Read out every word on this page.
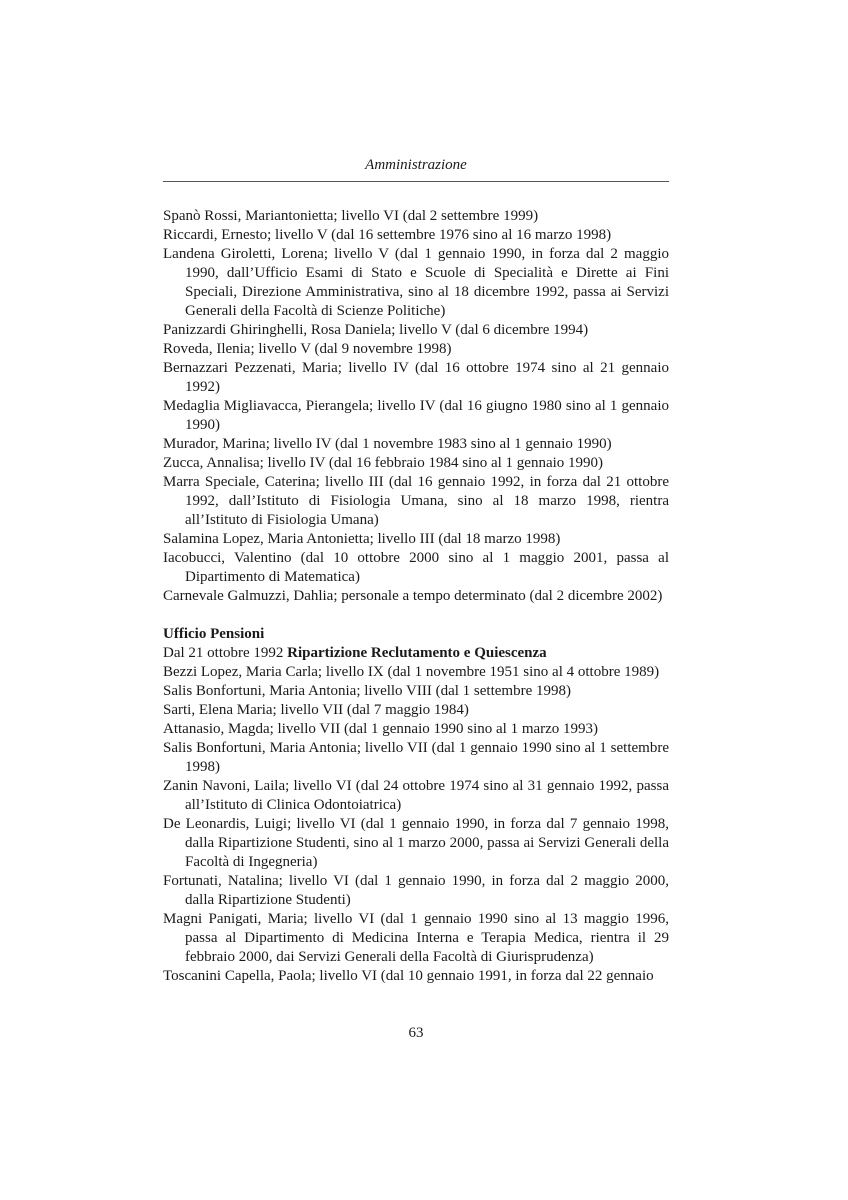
Amministrazione

Spanò Rossi, Mariantonietta; livello VI (dal 2 settembre 1999)

Riccardi, Ernesto; livello V (dal 16 settembre 1976 sino al 16 marzo 1998)

Landena Giroletti, Lorena; livello V (dal 1 gennaio 1990, in forza dal 2 maggio 1990, dall’Ufficio Esami di Stato e Scuole di Specialità e Dirette ai Fini Speciali, Direzione Amministrativa, sino al 18 dicembre 1992, passa ai Servizi Generali della Facoltà di Scienze Politiche)

Panizzardi Ghiringhelli, Rosa Daniela; livello V (dal 6 dicembre 1994)

Roveda, Ilenia; livello V (dal 9 novembre 1998)

Bernazzari Pezzenati, Maria; livello IV (dal 16 ottobre 1974 sino al 21 gennaio 1992)

Medaglia Migliavacca, Pierangela; livello IV (dal 16 giugno 1980 sino al 1 gennaio 1990)

Murador, Marina; livello IV (dal 1 novembre 1983 sino al 1 gennaio 1990)

Zucca, Annalisa; livello IV (dal 16 febbraio 1984 sino al 1 gennaio 1990)

Marra Speciale, Caterina; livello III (dal 16 gennaio 1992, in forza dal 21 ottobre 1992, dall’Istituto di Fisiologia Umana, sino al 18 marzo 1998, rientra all’Istituto di Fisiologia Umana)

Salamina Lopez, Maria Antonietta; livello III (dal 18 marzo 1998)

Iacobucci, Valentino (dal 10 ottobre 2000 sino al 1 maggio 2001, passa al Dipartimento di Matematica)

Carnevale Galmuzzi, Dahlia; personale a tempo determinato (dal 2 dicembre 2002)

Ufficio Pensioni

Dal 21 ottobre 1992 Ripartizione Reclutamento e Quiescenza

Bezzi Lopez, Maria Carla; livello IX (dal 1 novembre 1951 sino al 4 ottobre 1989)

Salis Bonfortuni, Maria Antonia; livello VIII (dal 1 settembre 1998)

Sarti, Elena Maria; livello VII (dal 7 maggio 1984)

Attanasio, Magda; livello VII (dal 1 gennaio 1990 sino al 1 marzo 1993)

Salis Bonfortuni, Maria Antonia; livello VII (dal 1 gennaio 1990 sino al 1 settembre 1998)

Zanin Navoni, Laila; livello VI (dal 24 ottobre 1974 sino al 31 gennaio 1992, passa all’Istituto di Clinica Odontoiatrica)

De Leonardis, Luigi; livello VI (dal 1 gennaio 1990, in forza dal 7 gennaio 1998, dalla Ripartizione Studenti, sino al 1 marzo 2000, passa ai Servizi Generali della Facoltà di Ingegneria)

Fortunati, Natalina; livello VI (dal 1 gennaio 1990, in forza dal 2 maggio 2000, dalla Ripartizione Studenti)

Magni Panigati, Maria; livello VI (dal 1 gennaio 1990 sino al 13 maggio 1996, passa al Dipartimento di Medicina Interna e Terapia Medica, rientra il 29 febbraio 2000, dai Servizi Generali della Facoltà di Giurisprudenza)

Toscanini Capella, Paola; livello VI (dal 10 gennaio 1991, in forza dal 22 gennaio

63
